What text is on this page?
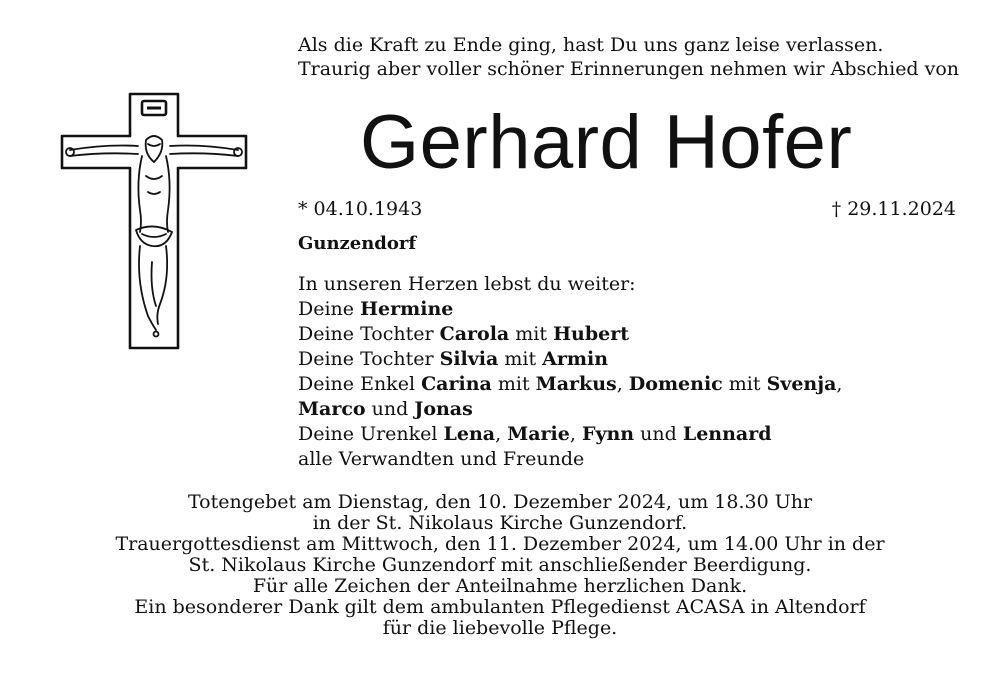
Als die Kraft zu Ende ging, hast Du uns ganz leise verlassen.
Traurig aber voller schöner Erinnerungen nehmen wir Abschied von
Gerhard Hofer
* 04.10.1943	† 29.11.2024
Gunzendorf
In unseren Herzen lebst du weiter:
Deine Hermine
Deine Tochter Carola mit Hubert
Deine Tochter Silvia mit Armin
Deine Enkel Carina mit Markus, Domenic mit Svenja,
Marco und Jonas
Deine Urenkel Lena, Marie, Fynn und Lennard
alle Verwandten und Freunde
Totengebet am Dienstag, den 10. Dezember 2024, um 18.30 Uhr
in der St. Nikolaus Kirche Gunzendorf.
Trauergottesdienst am Mittwoch, den 11. Dezember 2024, um 14.00 Uhr in der
St. Nikolaus Kirche Gunzendorf mit anschließender Beerdigung.
Für alle Zeichen der Anteilnahme herzlichen Dank.
Ein besonderer Dank gilt dem ambulanten Pflegedienst ACASA in Altendorf
für die liebevolle Pflege.
